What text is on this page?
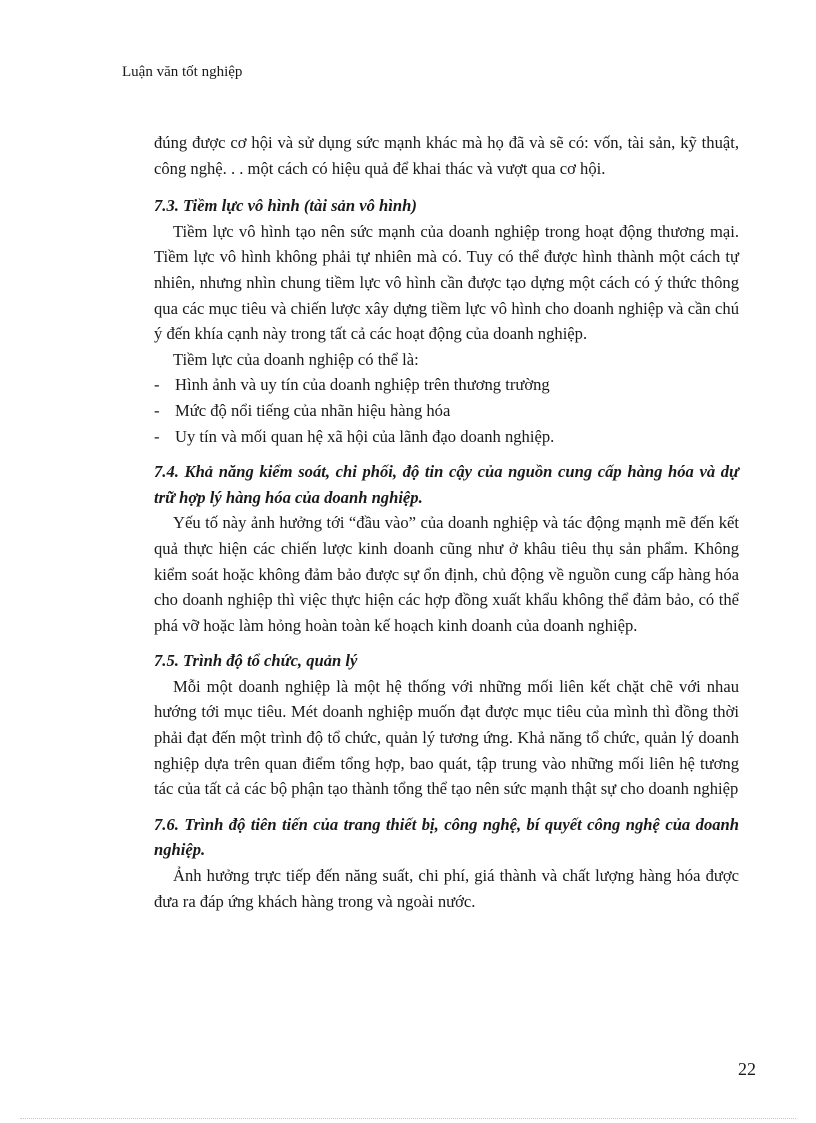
Luận văn tốt nghiệp

đúng được cơ hội và sử dụng sức mạnh khác mà họ đã và sẽ có: vốn, tài sản, kỹ thuật, công nghệ. . . một cách có hiệu quả để khai thác và vượt qua cơ hội.

7.3. Tiềm lực vô hình (tài sản vô hình)

Tiềm lực vô hình tạo nên sức mạnh của doanh nghiệp trong hoạt động thương mại. Tiềm lực vô hình không phải tự nhiên mà có. Tuy có thể được hình thành một cách tự nhiên, nhưng nhìn chung tiềm lực vô hình cần được tạo dựng một cách có ý thức thông qua các mục tiêu và chiến lược xây dựng tiềm lực vô hình cho doanh nghiệp và cần chú ý đến khía cạnh này trong tất cả các hoạt động của doanh nghiệp.

Tiềm lực của doanh nghiệp có thể là:

- Hình ảnh và uy tín của doanh nghiệp trên thương trường
- Mức độ nổi tiếng của nhãn hiệu hàng hóa
- Uy tín và mối quan hệ xã hội của lãnh đạo doanh nghiệp.

7.4. Khả năng kiểm soát, chi phối, độ tin cậy của nguồn cung cấp hàng hóa và dự trữ hợp lý hàng hóa của doanh nghiệp.

Yếu tố này ảnh hưởng tới “đầu vào” của doanh nghiệp và tác động mạnh mẽ đến kết quả thực hiện các chiến lược kinh doanh cũng như ở khâu tiêu thụ sản phẩm. Không kiểm soát hoặc không đảm bảo được sự ổn định, chủ động về nguồn cung cấp hàng hóa cho doanh nghiệp thì việc thực hiện các hợp đồng xuất khẩu không thể đảm bảo, có thể phá vỡ hoặc làm hỏng hoàn toàn kế hoạch kinh doanh của doanh nghiệp.

7.5. Trình độ tổ chức, quản lý

Mỗi một doanh nghiệp là một hệ thống với những mối liên kết chặt chẽ với nhau hướng tới mục tiêu. Mét doanh nghiệp muốn đạt được mục tiêu của mình thì đồng thời phải đạt đến một trình độ tổ chức, quản lý tương ứng. Khả năng tổ chức, quản lý doanh nghiệp dựa trên quan điểm tổng hợp, bao quát, tập trung vào những mối liên hệ tương tác của tất cả các bộ phận tạo thành tổng thể tạo nên sức mạnh thật sự cho doanh nghiệp

7.6. Trình độ tiên tiến của trang thiết bị, công nghệ, bí quyết công nghệ của doanh nghiệp.

Ảnh hưởng trực tiếp đến năng suất, chi phí, giá thành và chất lượng hàng hóa được đưa ra đáp ứng khách hàng trong và ngoài nước.

22
